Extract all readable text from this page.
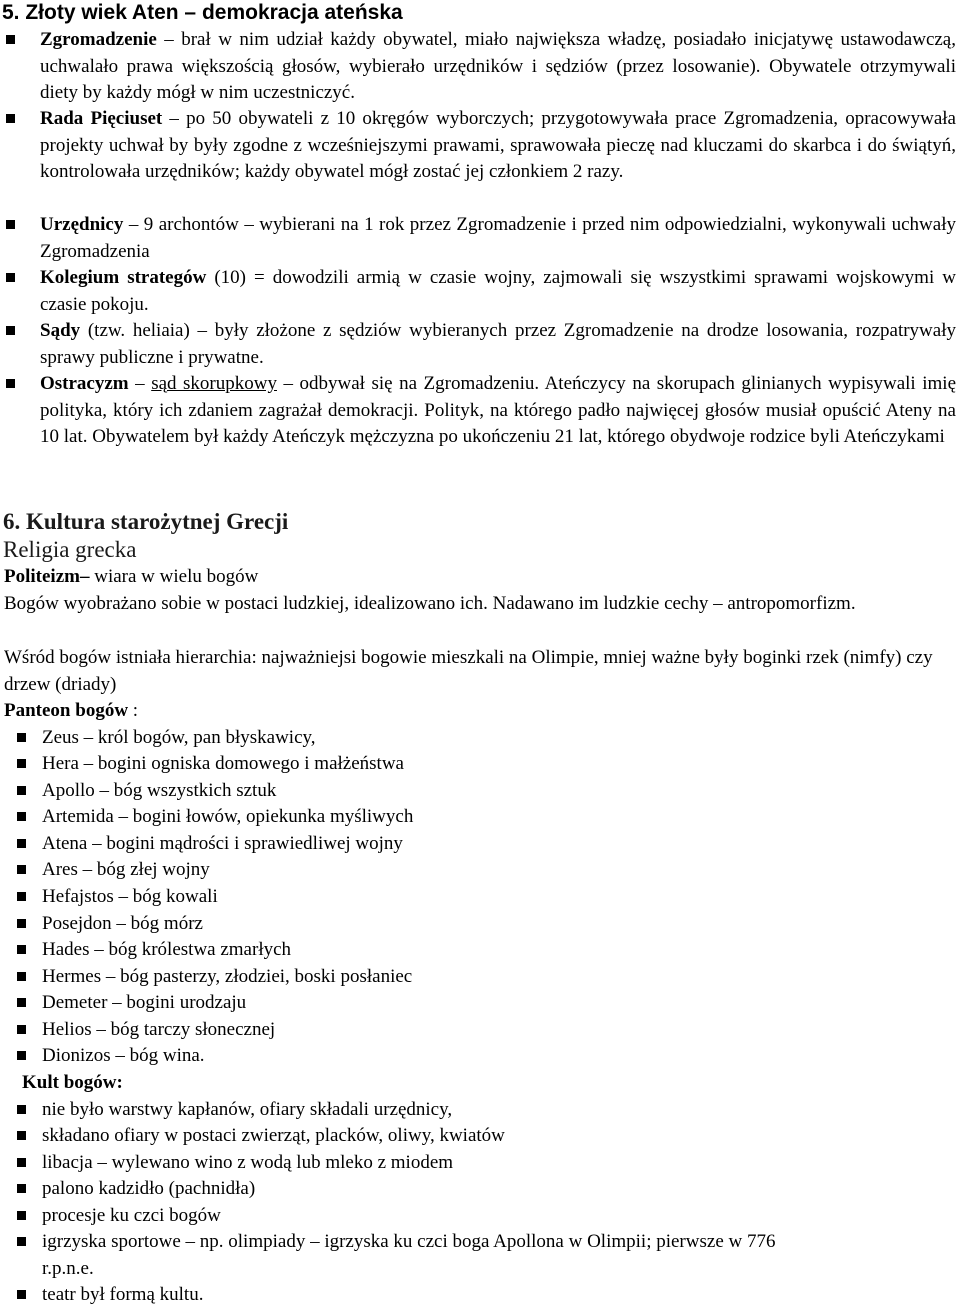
5. Złoty wiek Aten – demokracja ateńska

Zgromadzenie – brał w nim udział każdy obywatel, miało największa władzę, posiadało inicjatywę ustawodawczą, uchwalało prawa większością głosów, wybierało urzędników i sędziów (przez losowanie). Obywatele otrzymywali diety by każdy mógł w nim uczestniczyć.

Rada Pięciuset – po 50 obywateli z 10 okręgów wyborczych; przygotowywała prace Zgromadzenia, opracowywała projekty uchwał by były zgodne z wcześniejszymi prawami, sprawowała pieczę nad kluczami do skarbca i do świątyń, kontrolowała urzędników; każdy obywatel mógł zostać jej członkiem 2 razy.

Urzędnicy – 9 archontów – wybierani na 1 rok przez Zgromadzenie i przed nim odpowiedzialni, wykonywali uchwały Zgromadzenia

Kolegium strategów (10) = dowodzili armią w czasie wojny, zajmowali się wszystkimi sprawami wojskowymi w czasie pokoju.

Sądy (tzw. heliaia) – były złożone z sędziów wybieranych przez Zgromadzenie na drodze losowania, rozpatrywały sprawy publiczne i prywatne.

Ostracyzm – sąd skorupkowy – odbywał się na Zgromadzeniu. Ateńczycy na skorupach glinianych wypisywali imię polityka, który ich zdaniem zagrażał demokracji. Polityk, na którego padło najwięcej głosów musiał opuścić Ateny na 10 lat. Obywatelem był każdy Ateńczyk mężczyzna po ukończeniu 21 lat, którego obydwoje rodzice byli Ateńczykami

6. Kultura starożytnej Grecji
Religia grecka
Politeizm– wiara w wielu bogów
Bogów wyobrażano sobie w postaci ludzkiej, idealizowano ich. Nadawano im ludzkie cechy – antropomorfizm.
Wśród bogów istniała hierarchia: najważniejsi bogowie mieszkali na Olimpie, mniej ważne były boginki rzek (nimfy) czy drzew (driady)
Panteon bogów :
Zeus – król bogów, pan błyskawicy,
Hera – bogini ogniska domowego i małżeństwa
Apollo – bóg wszystkich sztuk
Artemida – bogini łowów, opiekunka myśliwych
Atena – bogini mądrości i sprawiedliwej wojny
Ares – bóg złej wojny
Hefajstos – bóg kowali
Posejdon – bóg mórz
Hades – bóg królestwa zmarłych
Hermes – bóg pasterzy, złodziei, boski posłaniec
Demeter – bogini urodzaju
Helios – bóg tarczy słonecznej
Dionizos – bóg wina.
Kult bogów:
nie było warstwy kapłanów, ofiary składali urzędnicy,
składano ofiary w postaci zwierząt, placków, oliwy, kwiatów
libacja – wylewano wino z wodą lub mleko z miodem
palono kadzidło (pachnidła)
procesje ku czci bogów
igrzyska sportowe – np. olimpiady – igrzyska ku czci boga Apollona w Olimpii; pierwsze w 776
r.p.n.e.
teatr był formą kultu.
